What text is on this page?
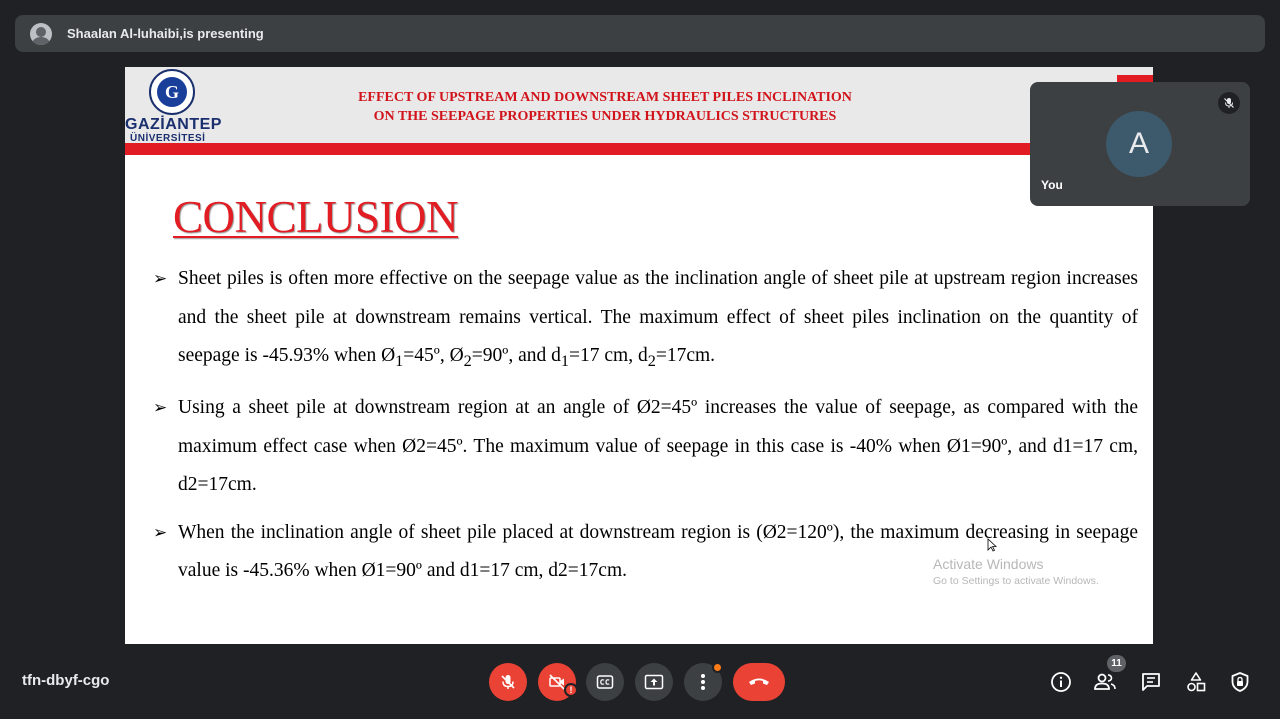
Shaalan Al-luhaibi,is presenting
G
GAZİANTEP
ÜNİVERSİTESİ
EFFECT OF UPSTREAM AND DOWNSTREAM SHEET PILES INCLINATION
ON THE SEEPAGE PROPERTIES UNDER HYDRAULICS STRUCTURES
CONCLUSION
➢ Sheet piles is often more effective on the seepage value as the inclination angle of sheet pile at upstream region increases and the sheet pile at downstream remains vertical. The maximum effect of sheet piles inclination on the quantity of seepage is -45.93% when $Ø_1=45º$, $Ø_2=90º$, and $d_1=17$ cm, $d_2=17cm$.
➢ Using a sheet pile at downstream region at an angle of Ø2=45º increases the value of seepage, as compared with the maximum effect case when Ø2=45º. The maximum value of seepage in this case is -40% when Ø1=90º, and d1=17 cm, d2=17cm.
➢ When the inclination angle of sheet pile placed at downstream region is (Ø2=120º), the maximum decreasing in seepage value is -45.36% when Ø1=90º and d1=17 cm, d2=17cm.	Activate Windows
Go to Settings to activate Windows.
A
You
tfn-dbyf-cgo
!
11
